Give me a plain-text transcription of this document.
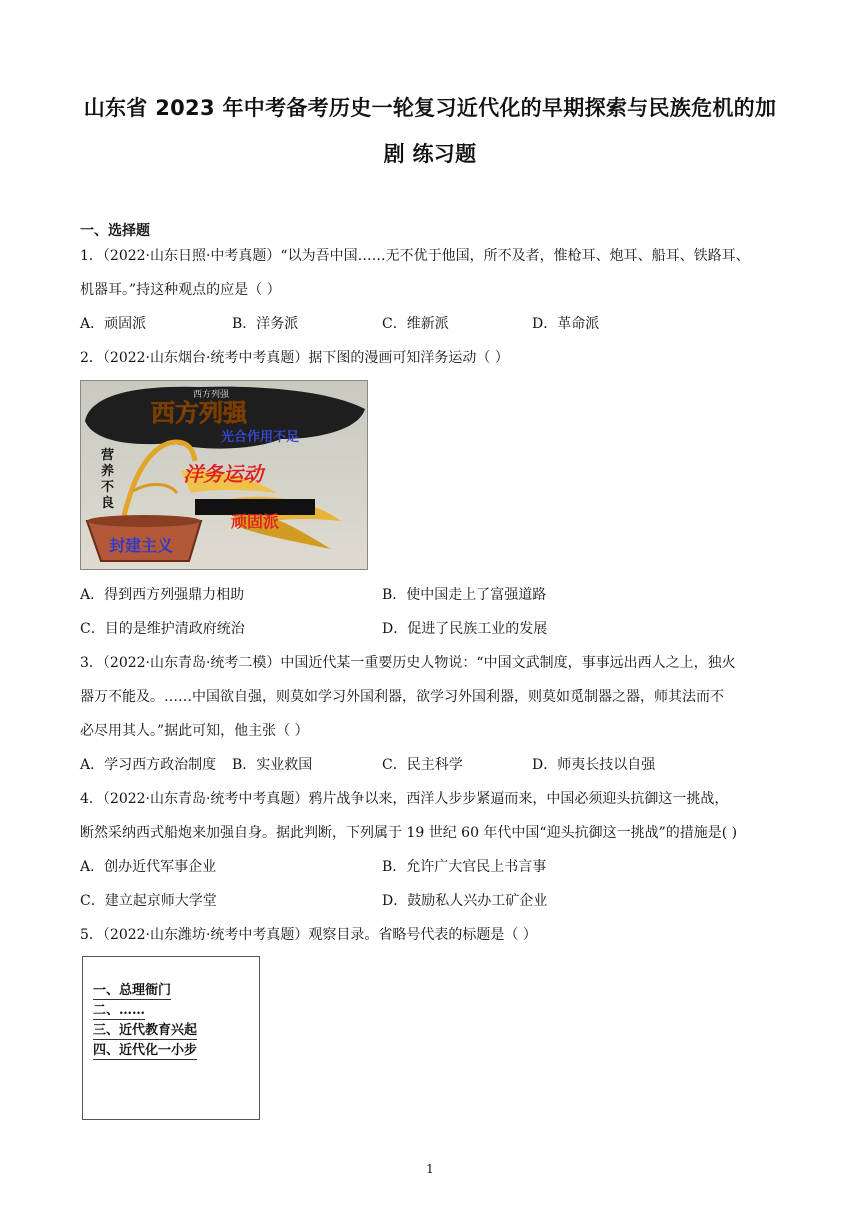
山东省 2023 年中考备考历史一轮复习近代化的早期探索与民族危机的加
剧 练习题
一、选择题
1．（2022·山东日照·中考真题）“以为吾中国……无不优于他国，所不及者，惟枪耳、炮耳、船耳、铁路耳、
机器耳。”持这种观点的应是（ ）
A．顽固派	B．洋务派	C．维新派	D．革命派
2．（2022·山东烟台·统考中考真题）据下图的漫画可知洋务运动（ ）
西方列强
西方列强
光合作用不足
洋务运动
营
养
不
良
顽固派
封建主义
A．得到西方列强鼎力相助	B．使中国走上了富强道路
C．目的是维护清政府统治	D．促进了民族工业的发展
3．（2022·山东青岛·统考二模）中国近代某一重要历史人物说：“中国文武制度，事事远出西人之上，独火
器万不能及。……中国欲自强，则莫如学习外国利器，欲学习外国利器，则莫如觅制器之器，师其法而不
必尽用其人。”据此可知，他主张（ ）
A．学习西方政治制度 B．实业救国	C．民主科学	D．师夷长技以自强
4．（2022·山东青岛·统考中考真题）鸦片战争以来，西洋人步步紧逼而来，中国必须迎头抗御这一挑战，
断然采纳西式船炮来加强自身。据此判断，下列属于 19 世纪 60 年代中国“迎头抗御这一挑战”的措施是( )
A．创办近代军事企业	B．允许广大官民上书言事
C．建立起京师大学堂	D．鼓励私人兴办工矿企业
5．（2022·山东潍坊·统考中考真题）观察目录。省略号代表的标题是（ ）
一、总理衙门
二、……
三、近代教育兴起
四、近代化一小步
1
